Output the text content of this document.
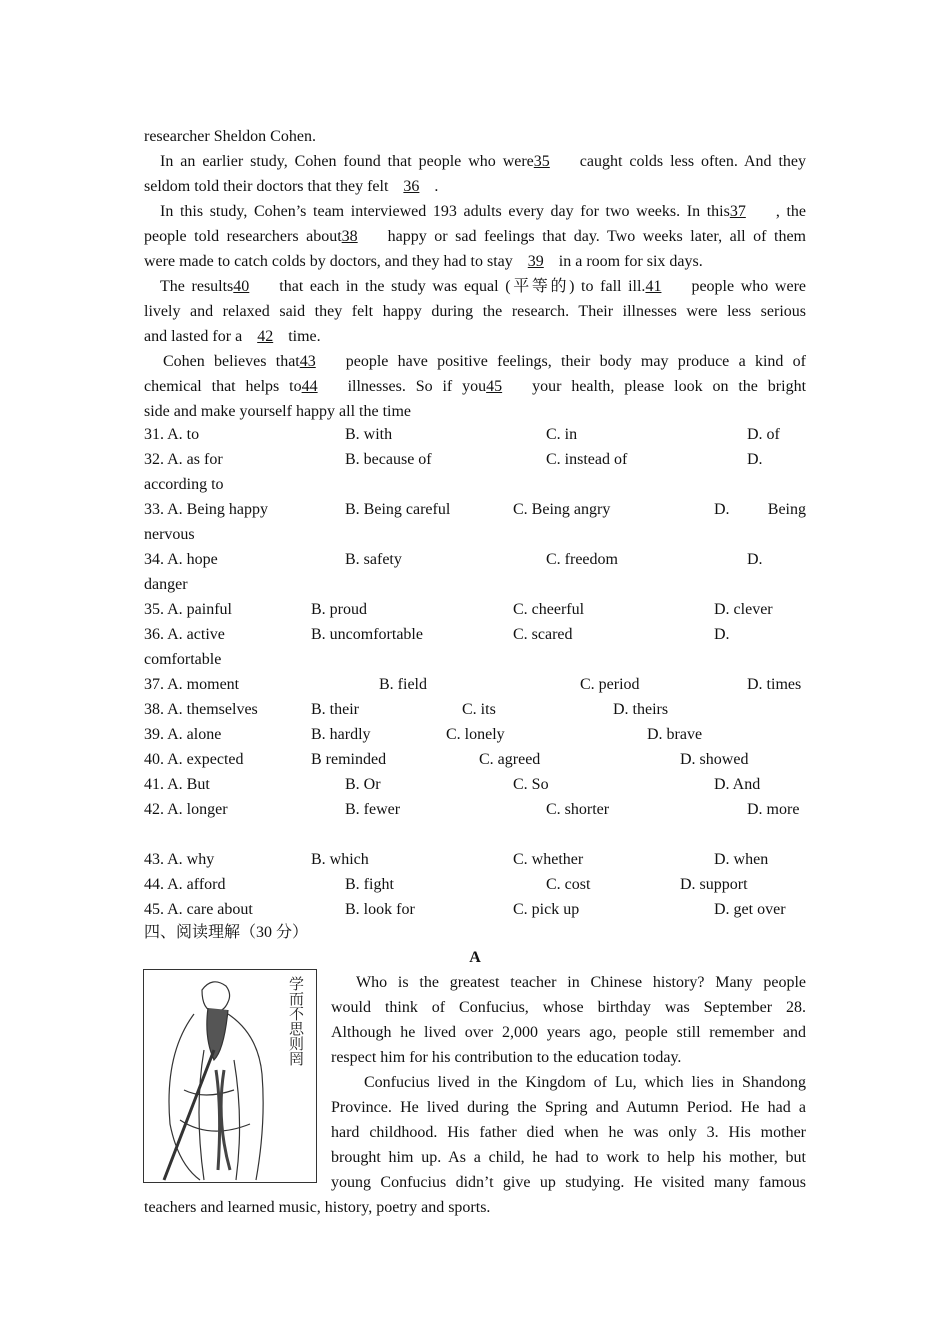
A
四、阅读理解（30 分）
学而不思则罔
researcher Sheldon Cohen.
In an earlier study, Cohen found that people who were35 caught colds less often. And they
seldom told their doctors that they felt 36 .
In this study, Cohen’s team interviewed 193 adults every day for two weeks. In this37 , the
people told researchers about38 happy or sad feelings that day. Two weeks later, all of them
were made to catch colds by doctors, and they had to stay 39 in a room for six days.
The results40 that each in the study was equal (平等的) to fall ill.41 people who were
lively and relaxed said they felt happy during the research. Their illnesses were less serious
and lasted for a 42 time.
Cohen believes that43 people have positive feelings, their body may produce a kind of
chemical that helps to44 illnesses. So if you45 your health, please look on the bright
side and make yourself happy all the time
31. A. to	B. with	C. in	D. of
32. A. as for	B. because of	C. instead of	D.
according to
33. A. Being happy	B. Being careful	C. Being angry	D. Being
nervous
34. A. hope	B. safety	C. freedom	D.
danger
35. A. painful	B. proud	C. cheerful	D. clever
36. A. active	B. uncomfortable	C. scared	D.
comfortable
37. A. moment	B. field	C. period	D. times
38. A. themselves	B. their	C. its	D. theirs
39. A. alone	B. hardly	C. lonely	D. brave
40. A. expected	B reminded	C. agreed	D. showed
41. A. But	B. Or	C. So	D. And
42. A. longer	B. fewer	C. shorter	D. more
43. A. why	B. which	C. whether	D. when
44. A. afford	B. fight	C. cost	D. support
45. A. care about	B. look for	C. pick up	D. get over
Who is the greatest teacher in Chinese history? Many people
would think of Confucius, whose birthday was September 28.
Although he lived over 2,000 years ago, people still remember and
respect him for his contribution to the education today.
Confucius lived in the Kingdom of Lu, which lies in Shandong
Province. He lived during the Spring and Autumn Period. He had a
hard childhood. His father died when he was only 3. His mother
brought him up. As a child, he had to work to help his mother, but
young Confucius didn’t give up studying. He visited many famous
teachers and learned music, history, poetry and sports.
